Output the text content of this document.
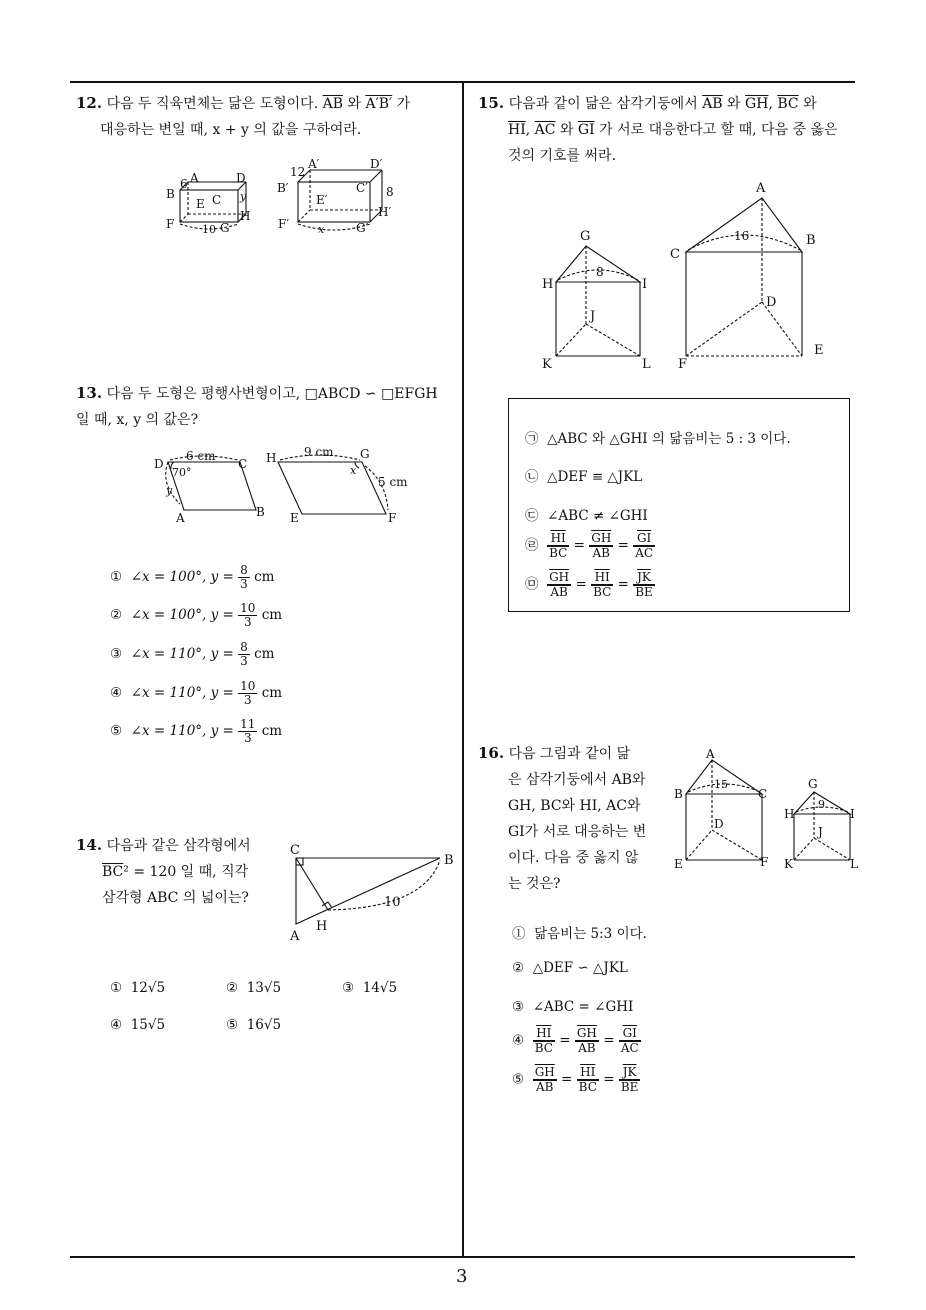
3
12. 다음 두 직육면체는 닮은 도형이다. $\overline{AB}$ 와 A′B′ 가
대응하는 변일 때, x + y 의 값을 구하여라.
6
10
y
A
B	C
D
E
F	G
H
12
8
x
A′
B′	C′
D′
E′
F′	G′
H′
13. 다음 두 도형은 평행사변형이고, □ABCD ∽ □EFGH
일 때, x, y 의 값은?
6 cm
70°
y
D	C
A	B
9 cm
x
5 cm
H	G
E	F
① ∠x = 100°, $y = \frac{8}{3}$ cm
② ∠x = 100°, $y = \frac{10}{3}$ cm
③ ∠x = 110°, $y = \frac{8}{3}$ cm
④ ∠x = 110°, $y = \frac{10}{3}$ cm
⑤ ∠x = 110°, $y = \frac{11}{3}$ cm
14. 다음과 같은 삼각형에서
$\overline{BC}^2 = 120$ 일 때, 직각
삼각형 ABC 의 넓이는?
C
B
A
H
10
① 12√5	② 13√5	③ 14√5
④ 15√5	⑤ 16√5
15. 다음과 같이 닮은 삼각기둥에서 $\overline{AB}$ 와 $\overline{GH}$, $\overline{BC}$ 와
$\overline{HI}$, $\overline{AC}$ 와 $\overline{GI}$ 가 서로 대응한다고 할 때, 다음 중 옳은
것의 기호를 써라.
G
H	I
J
K	L
8
A
C
B
D
E
F
16
㉠ △ABC 와 △GHI 의 닮음비는 5 : 3 이다.
㉡ △DEF ≡ △JKL
㉢ ∠ABC ≠ ∠GHI
㉣ $\frac{\overline{HI}}{BC} = \frac{\overline{GH}}{AB} = \frac{\overline{GI}}{AC}$
㉤ $\frac{\overline{GH}}{AB} = \frac{\overline{HI}}{BC} = \frac{\overline{JK}}{BE}$
16. 다음 그림과 같이 닮
은 삼각기둥에서 AB와
GH, BC와 HI, AC와
GI가 서로 대응하는 변
이다. 다음 중 옳지 않
는 것은?
A
B	C
D
E	F
15	G
H	I
J
K	L
9
① 닮음비는 5:3 이다.
② △DEF ∽ △JKL
③ ∠ABC = ∠GHI
④ $\frac{\overline{HI}}{BC} = \frac{\overline{GH}}{AB} = \frac{\overline{GI}}{AC}$
⑤ $\frac{\overline{GH}}{AB} = \frac{\overline{HI}}{BC} = \frac{\overline{JK}}{BE}$
